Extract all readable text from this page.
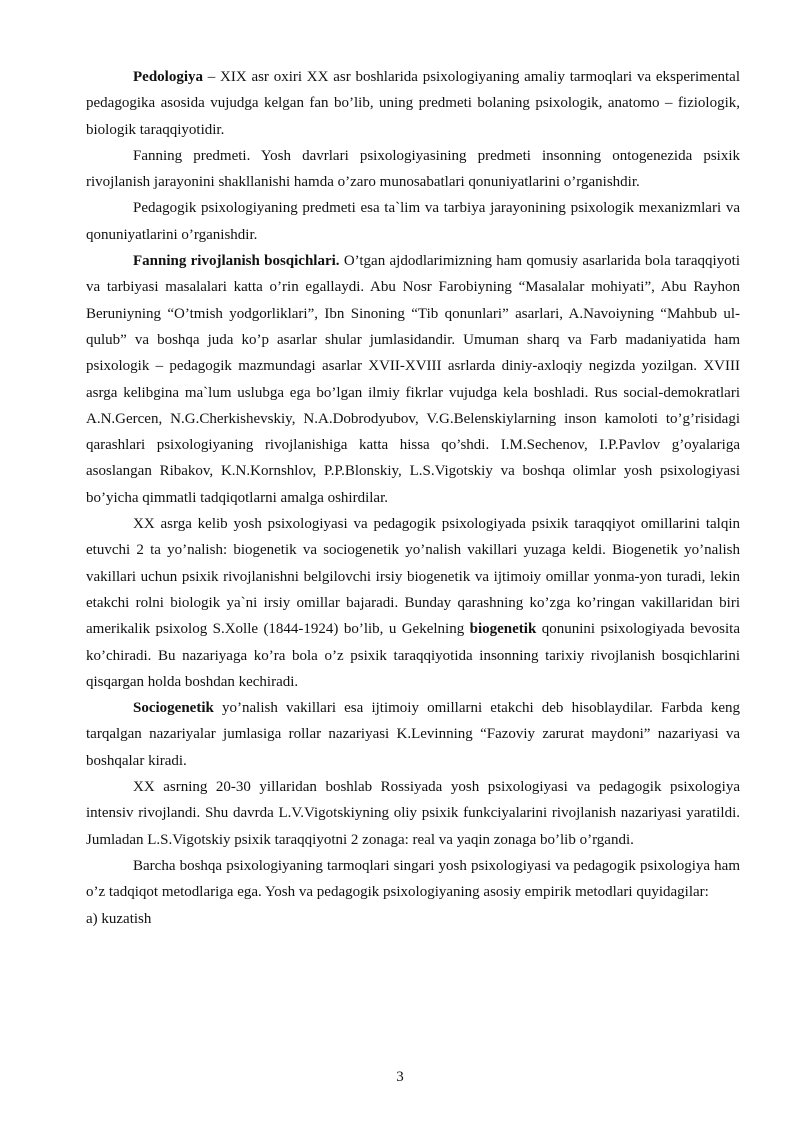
Pedologiya – XIX asr oxiri XX asr boshlarida psixologiyaning amaliy tarmoqlari va eksperimental pedagogika asosida vujudga kelgan fan bo’lib, uning predmeti bolaning psixologik, anatomo – fiziologik, biologik taraqqiyotidir.

Fanning predmeti. Yosh davrlari psixologiyasining predmeti insonning ontogenezida psixik rivojlanish jarayonini shakllanishi hamda o’zaro munosabatlari qonuniyatlarini o’rganishdir.

Pedagogik psixologiyaning predmeti esa ta`lim va tarbiya jarayonining psixologik mexanizmlari va qonuniyatlarini o’rganishdir.

Fanning rivojlanish bosqichlari. O’tgan ajdodlarimizning ham qomusiy asarlarida bola taraqqiyoti va tarbiyasi masalalari katta o’rin egallaydi. Abu Nosr Farobiyning “Masalalar mohiyati”, Abu Rayhon Beruniyning “O’tmish yodgorliklari”, Ibn Sinoning “Tib qonunlari” asarlari, A.Navoiyning “Mahbub ul-qulub” va boshqa juda ko’p asarlar shular jumlasidandir. Umuman sharq va Farb madaniyatida ham psixologik – pedagogik mazmundagi asarlar XVII-XVIII asrlarda diniy-axloqiy negizda yozilgan. XVIII asrga kelibgina ma`lum uslubga ega bo’lgan ilmiy fikrlar vujudga kela boshladi. Rus social-demokratlari A.N.Gercen, N.G.Cherkishevskiy, N.A.Dobrodyubov, V.G.Belenskiylarning inson kamoloti to’g’risidagi qarashlari psixologiyaning rivojlanishiga katta hissa qo’shdi. I.M.Sechenov, I.P.Pavlov g’oyalariga asoslangan Ribakov, K.N.Kornshlov, P.P.Blonskiy, L.S.Vigotskiy va boshqa olimlar yosh psixologiyasi bo’yicha qimmatli tadqiqotlarni amalga oshirdilar.

XX asrga kelib yosh psixologiyasi va pedagogik psixologiyada psixik taraqqiyot omillarini talqin etuvchi 2 ta yo’nalish: biogenetik va sociogenetik yo’nalish vakillari yuzaga keldi. Biogenetik yo’nalish vakillari uchun psixik rivojlanishni belgilovchi irsiy biogenetik va ijtimoiy omillar yonma-yon turadi, lekin etakchi rolni biologik ya`ni irsiy omillar bajaradi. Bunday qarashning ko’zga ko’ringan vakillaridan biri amerikalik psixolog S.Xolle (1844-1924) bo’lib, u Gekelning biogenetik qonunini psixologiyada bevosita ko’chiradi. Bu nazariyaga ko’ra bola o’z psixik taraqqiyotida insonning tarixiy rivojlanish bosqichlarini qisqargan holda boshdan kechiradi.

Sociogenetik yo’nalish vakillari esa ijtimoiy omillarni etakchi deb hisoblaydilar. Farbda keng tarqalgan nazariyalar jumlasiga rollar nazariyasi K.Levinning “Fazoviy zarurat maydoni” nazariyasi va boshqalar kiradi.

XX asrning 20-30 yillaridan boshlab Rossiyada yosh psixologiyasi va pedagogik psixologiya intensiv rivojlandi. Shu davrda L.V.Vigotskiyning oliy psixik funkciyalarini rivojlanish nazariyasi yaratildi. Jumladan L.S.Vigotskiy psixik taraqqiyotni 2 zonaga: real va yaqin zonaga bo’lib o’rgandi.

Barcha boshqa psixologiyaning tarmoqlari singari yosh psixologiyasi va pedagogik psixologiya ham o’z tadqiqot metodlariga ega. Yosh va pedagogik psixologiyaning asosiy empirik metodlari quyidagilar:

a) kuzatish

3
